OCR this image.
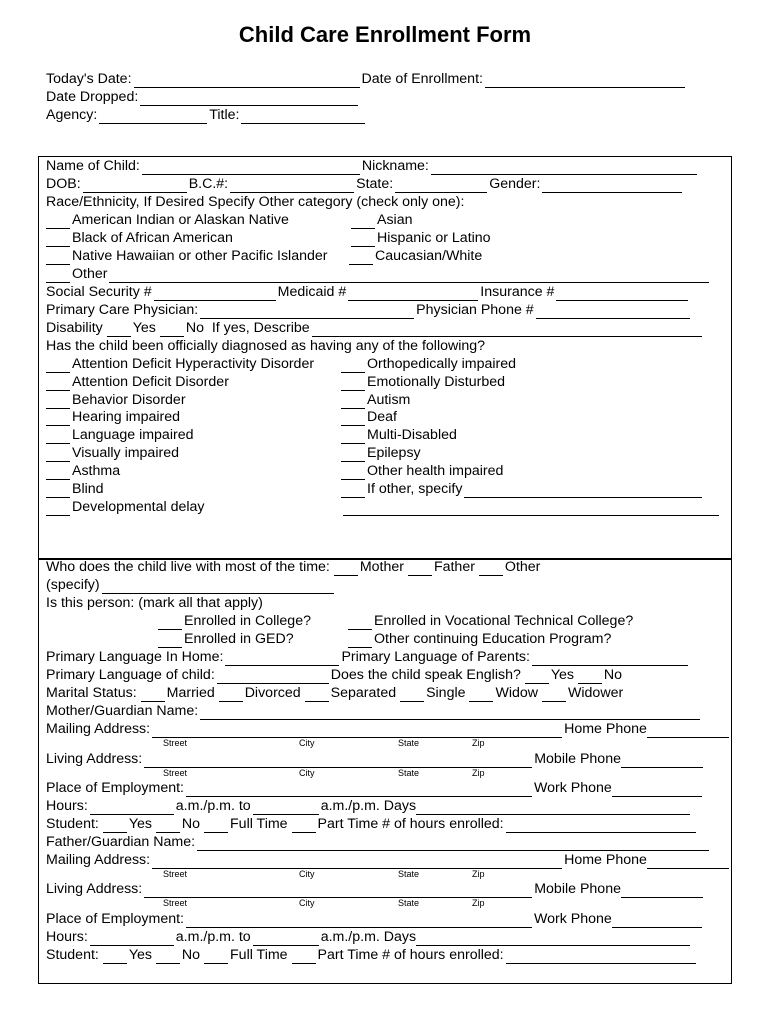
Child Care Enrollment Form
Today's Date:	Date of Enrollment:
Date Dropped:
Agency:	Title:
Name of Child:	Nickname:
DOB:	B.C.#:	State:	Gender:
Race/Ethnicity, If Desired Specify Other category (check only one):
American Indian or Alaskan Native
Black of African American
Native Hawaiian or other Pacific Islander
Asian
Hispanic or Latino
Caucasian/White
Other
Social Security #	Medicaid #	Insurance #
Primary Care Physician:	Physician Phone #
Disability
Yes
No
If yes, Describe
Has the child been officially diagnosed as having any of the following?
Attention Deficit Hyperactivity Disorder
Attention Deficit Disorder
Behavior Disorder
Hearing impaired
Language impaired
Visually impaired
Asthma
Blind
Developmental delay
Orthopedically impaired
Emotionally Disturbed
Autism
Deaf
Multi-Disabled
Epilepsy
Other health impaired
If other, specify
Who does the child live with most of the time:
Mother
Father
Other
(specify)
Is this person: (mark all that apply)
Enrolled in College?	Enrolled in Vocational Technical College?
Enrolled in GED?	Other continuing Education Program?
Primary Language In Home:	Primary Language of Parents:
Primary Language of child:	Does the child speak English?
Yes
No
Marital Status:
Married
Divorced
Separated
Single
Widow
Widower
Mother/Guardian Name:
Mailing Address:	Home Phone
Street	City	State	Zip
Living Address:	Mobile Phone
Street	City	State	Zip
Place of Employment:	Work Phone
Hours:	a.m./p.m. to	a.m./p.m. Days
Student:
Yes
No
Full Time
Part Time # of hours enrolled:
Father/Guardian Name:
Mailing Address:	Home Phone
Street	City	State	Zip
Living Address:	Mobile Phone
Street	City	State	Zip
Place of Employment:	Work Phone
Hours:	a.m./p.m. to	a.m./p.m. Days
Student:
Yes
No
Full Time
Part Time # of hours enrolled:
